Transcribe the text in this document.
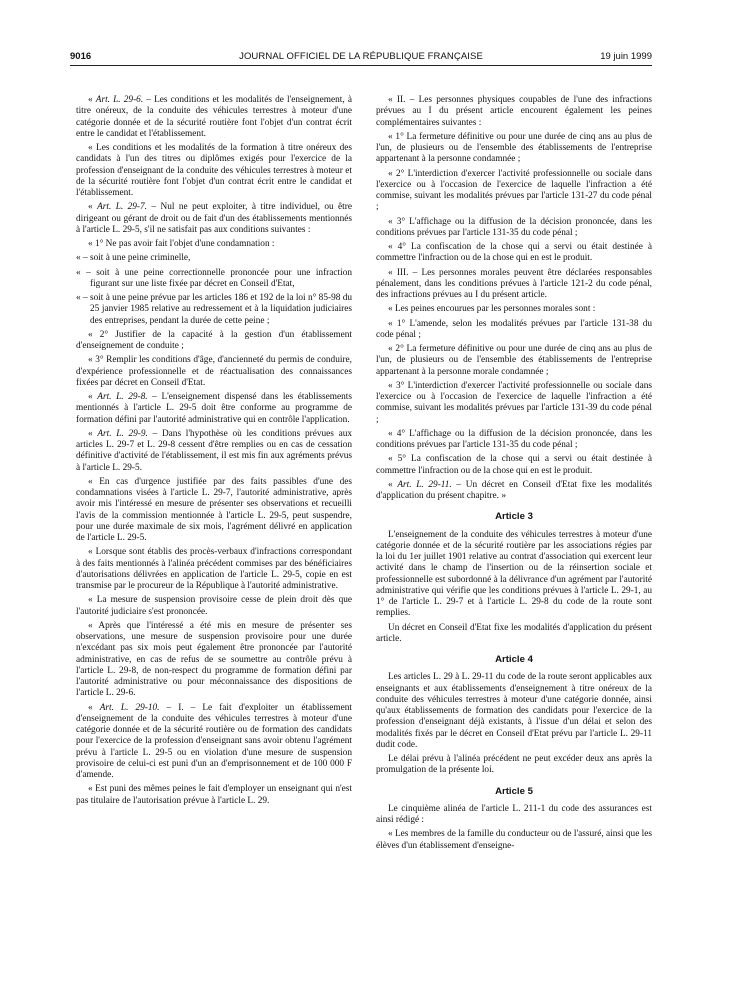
9016	JOURNAL OFFICIEL DE LA RÉPUBLIQUE FRANÇAISE	19 juin 1999

« Art. L. 29-6. – Les conditions et les modalités de l'enseignement, à titre onéreux, de la conduite des véhicules terrestres à moteur d'une catégorie donnée et de la sécurité routière font l'objet d'un contrat écrit entre le candidat et l'établissement.

« Les conditions et les modalités de la formation à titre onéreux des candidats à l'un des titres ou diplômes exigés pour l'exercice de la profession d'enseignant de la conduite des véhicules terrestres à moteur et de la sécurité routière font l'objet d'un contrat écrit entre le candidat et l'établissement.

« Art. L. 29-7. – Nul ne peut exploiter, à titre individuel, ou être dirigeant ou gérant de droit ou de fait d'un des établissements mentionnés à l'article L. 29-5, s'il ne satisfait pas aux conditions suivantes :

« 1° Ne pas avoir fait l'objet d'une condamnation :

« – soit à une peine criminelle,

« – soit à une peine correctionnelle prononcée pour une infraction figurant sur une liste fixée par décret en Conseil d'Etat,

« – soit à une peine prévue par les articles 186 et 192 de la loi n° 85-98 du 25 janvier 1985 relative au redressement et à la liquidation judiciaires des entreprises, pendant la durée de cette peine ;

« 2° Justifier de la capacité à la gestion d'un établissement d'enseignement de conduite ;

« 3° Remplir les conditions d'âge, d'ancienneté du permis de conduire, d'expérience professionnelle et de réactualisation des connaissances fixées par décret en Conseil d'Etat.

« Art. L. 29-8. – L'enseignement dispensé dans les établissements mentionnés à l'article L. 29-5 doit être conforme au programme de formation défini par l'autorité administrative qui en contrôle l'application.

« Art. L. 29-9. – Dans l'hypothèse où les conditions prévues aux articles L. 29-7 et L. 29-8 cessent d'être remplies ou en cas de cessation définitive d'activité de l'établissement, il est mis fin aux agréments prévus à l'article L. 29-5.

« En cas d'urgence justifiée par des faits passibles d'une des condamnations visées à l'article L. 29-7, l'autorité administrative, après avoir mis l'intéressé en mesure de présenter ses observations et recueilli l'avis de la commission mentionnée à l'article L. 29-5, peut suspendre, pour une durée maximale de six mois, l'agrément délivré en application de l'article L. 29-5.

« Lorsque sont établis des procès-verbaux d'infractions correspondant à des faits mentionnés à l'alinéa précédent commises par des bénéficiaires d'autorisations délivrées en application de l'article L. 29-5, copie en est transmise par le procureur de la République à l'autorité administrative.

« La mesure de suspension provisoire cesse de plein droit dès que l'autorité judiciaire s'est prononcée.

« Après que l'intéressé a été mis en mesure de présenter ses observations, une mesure de suspension provisoire pour une durée n'excédant pas six mois peut également être prononcée par l'autorité administrative, en cas de refus de se soumettre au contrôle prévu à l'article L. 29-8, de non-respect du programme de formation défini par l'autorité administrative ou pour méconnaissance des dispositions de l'article L. 29-6.

« Art. L. 29-10. – I. – Le fait d'exploiter un établissement d'enseignement de la conduite des véhicules terrestres à moteur d'une catégorie donnée et de la sécurité routière ou de formation des candidats pour l'exercice de la profession d'enseignant sans avoir obtenu l'agrément prévu à l'article L. 29-5 ou en violation d'une mesure de suspension provisoire de celui-ci est puni d'un an d'emprisonnement et de 100 000 F d'amende.

« Est puni des mêmes peines le fait d'employer un enseignant qui n'est pas titulaire de l'autorisation prévue à l'article L. 29.

« II. – Les personnes physiques coupables de l'une des infractions prévues au I du présent article encourent également les peines complémentaires suivantes :

« 1° La fermeture définitive ou pour une durée de cinq ans au plus de l'un, de plusieurs ou de l'ensemble des établissements de l'entreprise appartenant à la personne condamnée ;

« 2° L'interdiction d'exercer l'activité professionnelle ou sociale dans l'exercice ou à l'occasion de l'exercice de laquelle l'infraction a été commise, suivant les modalités prévues par l'article 131-27 du code pénal ;

« 3° L'affichage ou la diffusion de la décision prononcée, dans les conditions prévues par l'article 131-35 du code pénal ;

« 4° La confiscation de la chose qui a servi ou était destinée à commettre l'infraction ou de la chose qui en est le produit.

« III. – Les personnes morales peuvent être déclarées responsables pénalement, dans les conditions prévues à l'article 121-2 du code pénal, des infractions prévues au I du présent article.

« Les peines encourues par les personnes morales sont :

« 1° L'amende, selon les modalités prévues par l'article 131-38 du code pénal ;

« 2° La fermeture définitive ou pour une durée de cinq ans au plus de l'un, de plusieurs ou de l'ensemble des établissements de l'entreprise appartenant à la personne morale condamnée ;

« 3° L'interdiction d'exercer l'activité professionnelle ou sociale dans l'exercice ou à l'occasion de l'exercice de laquelle l'infraction a été commise, suivant les modalités prévues par l'article 131-39 du code pénal ;

« 4° L'affichage ou la diffusion de la décision prononcée, dans les conditions prévues par l'article 131-35 du code pénal ;

« 5° La confiscation de la chose qui a servi ou était destinée à commettre l'infraction ou de la chose qui en est le produit.

« Art. L. 29-11. – Un décret en Conseil d'Etat fixe les modalités d'application du présent chapitre. »

Article 3

L'enseignement de la conduite des véhicules terrestres à moteur d'une catégorie donnée et de la sécurité routière par les associations régies par la loi du 1er juillet 1901 relative au contrat d'association qui exercent leur activité dans le champ de l'insertion ou de la réinsertion sociale et professionnelle est subordonné à la délivrance d'un agrément par l'autorité administrative qui vérifie que les conditions prévues à l'article L. 29-1, au 1° de l'article L. 29-7 et à l'article L. 29-8 du code de la route sont remplies.

Un décret en Conseil d'Etat fixe les modalités d'application du présent article.

Article 4

Les articles L. 29 à L. 29-11 du code de la route seront applicables aux enseignants et aux établissements d'enseignement à titre onéreux de la conduite des véhicules terrestres à moteur d'une catégorie donnée, ainsi qu'aux établissements de formation des candidats pour l'exercice de la profession d'enseignant déjà existants, à l'issue d'un délai et selon des modalités fixés par le décret en Conseil d'Etat prévu par l'article L. 29-11 dudit code.

Le délai prévu à l'alinéa précédent ne peut excéder deux ans après la promulgation de la présente loi.

Article 5

Le cinquième alinéa de l'article L. 211-1 du code des assurances est ainsi rédigé :

« Les membres de la famille du conducteur ou de l'assuré, ainsi que les élèves d'un établissement d'enseigne-
